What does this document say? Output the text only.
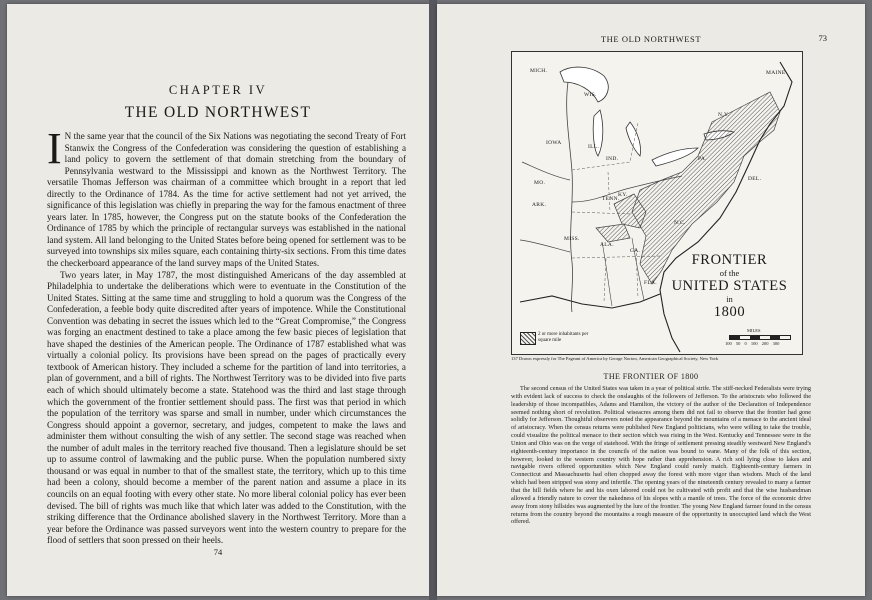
CHAPTER IV
THE OLD NORTHWEST

I N the same year that the council of the Six Nations was negotiating the second Treaty of Fort Stanwix the Congress of the Confederation was considering the question of establishing a land policy to govern the settlement of that domain stretching from the boundary of Pennsylvania westward to the Mississippi and known as the Northwest Territory. The versatile Thomas Jefferson was chairman of a committee which brought in a report that led directly to the Ordinance of 1784. As the time for active settlement had not yet arrived, the significance of this legislation was chiefly in preparing the way for the famous enactment of three years later. In 1785, however, the Congress put on the statute books of the Confederation the Ordinance of 1785 by which the principle of rectangular surveys was established in the national land system. All land belonging to the United States before being opened for settlement was to be surveyed into townships six miles square, each containing thirty-six sections. From this time dates the checkerboard appearance of the land survey maps of the United States.

Two years later, in May 1787, the most distinguished Americans of the day assembled at Philadelphia to undertake the deliberations which were to eventuate in the Constitution of the United States. Sitting at the same time and struggling to hold a quorum was the Congress of the Confederation, a feeble body quite discredited after years of impotence. While the Constitutional Convention was debating in secret the issues which led to the “Great Compromise,” the Congress was forging an enactment destined to take a place among the few basic pieces of legislation that have shaped the destinies of the American people. The Ordinance of 1787 established what was virtually a colonial policy. Its provisions have been spread on the pages of practically every textbook of American history. They included a scheme for the partition of land into territories, a plan of government, and a bill of rights. The Northwest Territory was to be divided into five parts each of which should ultimately become a state. Statehood was the third and last stage through which the government of the frontier settlement should pass. The first was that period in which the population of the territory was sparse and small in number, under which circumstances the Congress should appoint a governor, secretary, and judges, competent to make the laws and administer them without consulting the wish of any settler. The second stage was reached when the number of adult males in the territory reached five thousand. Then a legislature should be set up to assume control of lawmaking and the public purse. When the population numbered sixty thousand or was equal in number to that of the smallest state, the territory, which up to this time had been a colony, should become a member of the parent nation and assume a place in its councils on an equal footing with every other state. No more liberal colonial policy has ever been devised. The bill of rights was much like that which later was added to the Constitution, with the striking difference that the Ordinance abolished slavery in the Northwest Territory. More than a year before the Ordinance was passed surveyors went into the western country to prepare for the flood of settlers that soon pressed on their heels.

74
THE OLD NORTHWEST	73
MICH.
WIS.
IOWA
ILL.
IND.
MO.
KY.
ARK.
TENN.
MISS.
ALA.
GA.
FLA.
N.C.
PA.
DEL.
N.Y.
MAINE
FRONTIER
of the
UNITED STATES
in
1800
2 or more inhabitants per square mile
MILES
100 50 0 100 200 300
137 Drawn expressly for The Pageant of America by George Norton, American Geographical Society, New York
THE FRONTIER OF 1800

The second census of the United States was taken in a year of political strife. The stiff-necked Federalists were trying with evident lack of success to check the onslaughts of the followers of Jefferson. To the aristocrats who followed the leadership of those incompatibles, Adams and Hamilton, the victory of the author of the Declaration of Independence seemed nothing short of revolution. Political wiseacres among them did not fail to observe that the frontier had gone solidly for Jefferson. Thoughtful observers noted the appearance beyond the mountains of a menace to the ancient ideal of aristocracy. When the census returns were published New England politicians, who were willing to take the trouble, could visualize the political menace to their section which was rising in the West. Kentucky and Tennessee were in the Union and Ohio was on the verge of statehood. With the fringe of settlement pressing steadily westward New England's eighteenth-century importance in the councils of the nation was bound to wane. Many of the folk of this section, however, looked to the western country with hope rather than apprehension. A rich soil lying close to lakes and navigable rivers offered opportunities which New England could rarely match. Eighteenth-century farmers in Connecticut and Massachusetts had often chopped away the forest with more vigor than wisdom. Much of the land which had been stripped was stony and infertile. The opening years of the nineteenth century revealed to many a farmer that the hill fields where he and his oxen labored could not be cultivated with profit and that the wise husbandman allowed a friendly nature to cover the nakedness of his slopes with a mantle of trees. The force of the economic drive away from stony hillsides was augmented by the lure of the frontier. The young New England farmer found in the census returns from the country beyond the mountains a rough measure of the opportunity in unoccupied land which the West offered.
